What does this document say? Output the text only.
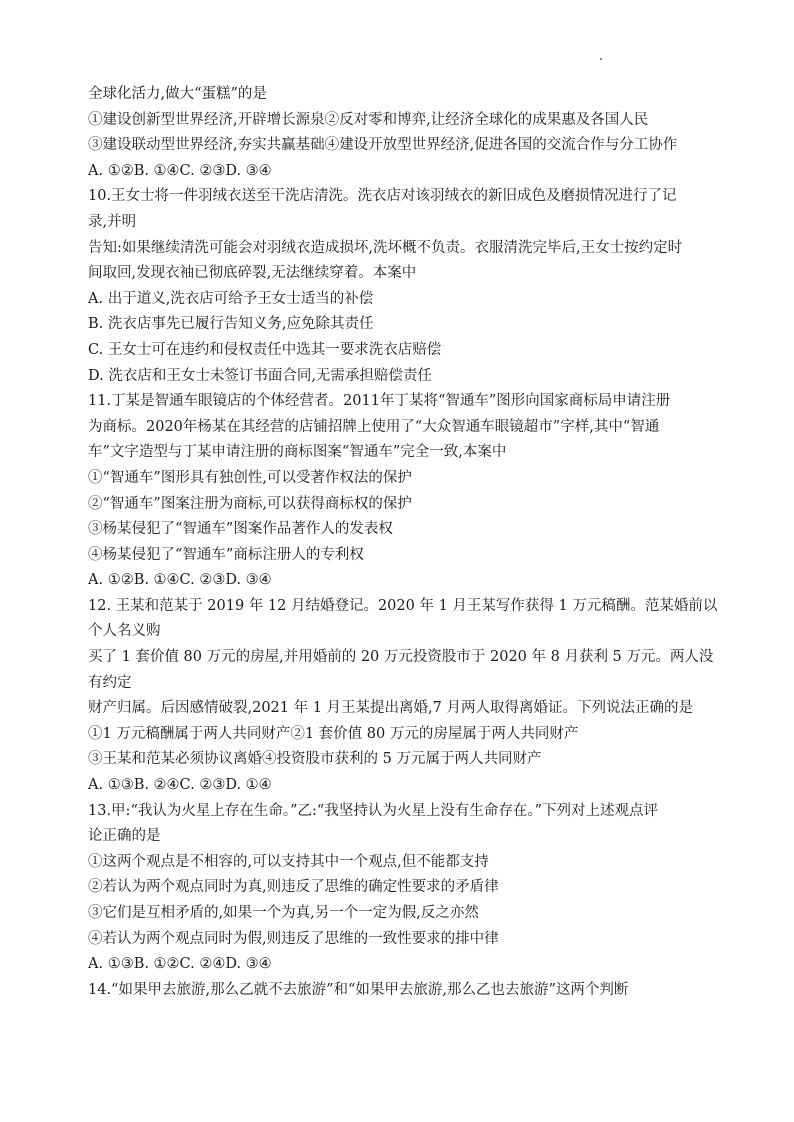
全球化活力,做大“蛋糕”的是
①建设创新型世界经济,开辟增长源泉②反对零和博弈,让经济全球化的成果惠及各国人民
③建设联动型世界经济,夯实共赢基础④建设开放型世界经济,促进各国的交流合作与分工协作
A. ①②B. ①④C. ②③D. ③④
10.王女士将一件羽绒衣送至干洗店清洗。洗衣店对该羽绒衣的新旧成色及磨损情况进行了记
录,并明
告知:如果继续清洗可能会对羽绒衣造成损坏,洗坏概不负责。衣服清洗完毕后,王女士按约定时
间取回,发现衣袖已彻底碎裂,无法继续穿着。本案中
A. 出于道义,洗衣店可给予王女士适当的补偿
B. 洗衣店事先已履行告知义务,应免除其责任
C. 王女士可在违约和侵权责任中选其一要求洗衣店赔偿
D. 洗衣店和王女士未签订书面合同,无需承担赔偿责任
11.丁某是智通车眼镜店的个体经营者。2011年丁某将“智通车”图形向国家商标局申请注册
为商标。2020年杨某在其经营的店铺招牌上使用了“大众智通车眼镜超市”字样,其中“智通
车”文字造型与丁某申请注册的商标图案“智通车”完全一致,本案中
①“智通车”图形具有独创性,可以受著作权法的保护
②“智通车”图案注册为商标,可以获得商标权的保护
③杨某侵犯了“智通车”图案作品著作人的发表权
④杨某侵犯了“智通车”商标注册人的专利权
A. ①②B. ①④C. ②③D. ③④
12. 王某和范某于 2019 年 12 月结婚登记。2020 年 1 月王某写作获得 1 万元稿酬。范某婚前以
个人名义购
买了 1 套价值 80 万元的房屋,并用婚前的 20 万元投资股市于 2020 年 8 月获利 5 万元。两人没
有约定
财产归属。后因感情破裂,2021 年 1 月王某提出离婚,7 月两人取得离婚证。下列说法正确的是
①1 万元稿酬属于两人共同财产②1 套价值 80 万元的房屋属于两人共同财产
③王某和范某必须协议离婚④投资股市获利的 5 万元属于两人共同财产
A. ①③B. ②④C. ②③D. ①④
13.甲:“我认为火星上存在生命。”乙:“我坚持认为火星上没有生命存在。”下列对上述观点评
论正确的是
①这两个观点是不相容的,可以支持其中一个观点,但不能都支持
②若认为两个观点同时为真,则违反了思维的确定性要求的矛盾律
③它们是互相矛盾的,如果一个为真,另一个一定为假,反之亦然
④若认为两个观点同时为假,则违反了思维的一致性要求的排中律
A. ①③B. ①②C. ②④D. ③④
14.“如果甲去旅游,那么乙就不去旅游”和“如果甲去旅游,那么乙也去旅游”这两个判断
